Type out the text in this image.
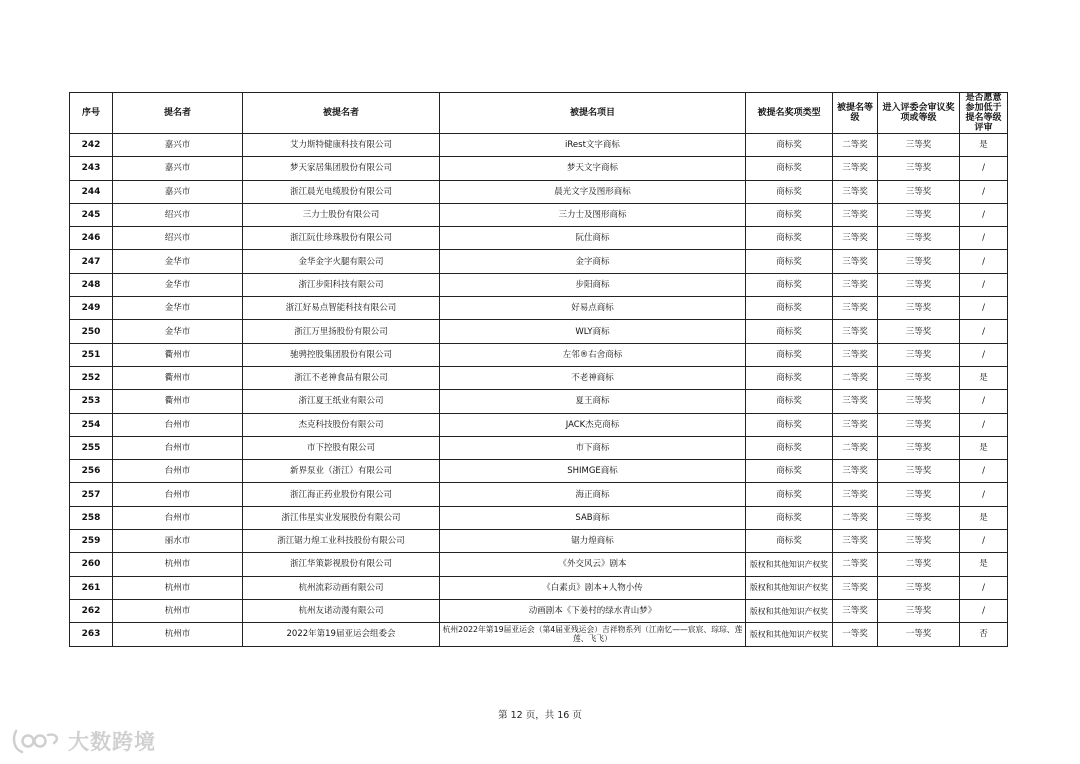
序号	提名者	被提名者	被提名项目	被提名奖项类型	被提名等级	进入评委会审议奖项或等级	是否愿意参加低于提名等级评审
242	嘉兴市	艾力斯特健康科技有限公司	iRest文字商标	商标奖	二等奖	三等奖	是
243	嘉兴市	梦天家居集团股份有限公司	梦天文字商标	商标奖	三等奖	三等奖	/
244	嘉兴市	浙江晨光电缆股份有限公司	晨光文字及图形商标	商标奖	三等奖	三等奖	/
245	绍兴市	三力士股份有限公司	三力士及图形商标	商标奖	三等奖	三等奖	/
246	绍兴市	浙江阮仕珍珠股份有限公司	阮仕商标	商标奖	三等奖	三等奖	/
247	金华市	金华金字火腿有限公司	金字商标	商标奖	三等奖	三等奖	/
248	金华市	浙江步阳科技有限公司	步阳商标	商标奖	三等奖	三等奖	/
249	金华市	浙江好易点智能科技有限公司	好易点商标	商标奖	三等奖	三等奖	/
250	金华市	浙江万里扬股份有限公司	WLY商标	商标奖	三等奖	三等奖	/
251	衢州市	驰骋控股集团股份有限公司	左邻®右舍商标	商标奖	三等奖	三等奖	/
252	衢州市	浙江不老神食品有限公司	不老神商标	商标奖	二等奖	三等奖	是
253	衢州市	浙江夏王纸业有限公司	夏王商标	商标奖	三等奖	三等奖	/
254	台州市	杰克科技股份有限公司	JACK杰克商标	商标奖	三等奖	三等奖	/
255	台州市	市下控股有限公司	市下商标	商标奖	二等奖	三等奖	是
256	台州市	新界泵业（浙江）有限公司	SHIMGE商标	商标奖	三等奖	三等奖	/
257	台州市	浙江海正药业股份有限公司	海正商标	商标奖	三等奖	三等奖	/
258	台州市	浙江伟星实业发展股份有限公司	SAB商标	商标奖	二等奖	三等奖	是
259	丽水市	浙江锯力煌工业科技股份有限公司	锯力煌商标	商标奖	三等奖	三等奖	/
260	杭州市	浙江华策影视股份有限公司	《外交风云》剧本	版权和其他知识产权奖	二等奖	二等奖	是
261	杭州市	杭州流彩动画有限公司	《白素贞》剧本+人物小传	版权和其他知识产权奖	三等奖	三等奖	/
262	杭州市	杭州友诺动漫有限公司	动画剧本《下姜村的绿水青山梦》	版权和其他知识产权奖	三等奖	三等奖	/
263	杭州市	2022年第19届亚运会组委会	杭州2022年第19届亚运会（第4届亚残运会）吉祥物系列（江南忆——宸宸、琮琮、莲莲、飞飞）	版权和其他知识产权奖	一等奖	一等奖	否
第 12 页，共 16 页
大数跨境
